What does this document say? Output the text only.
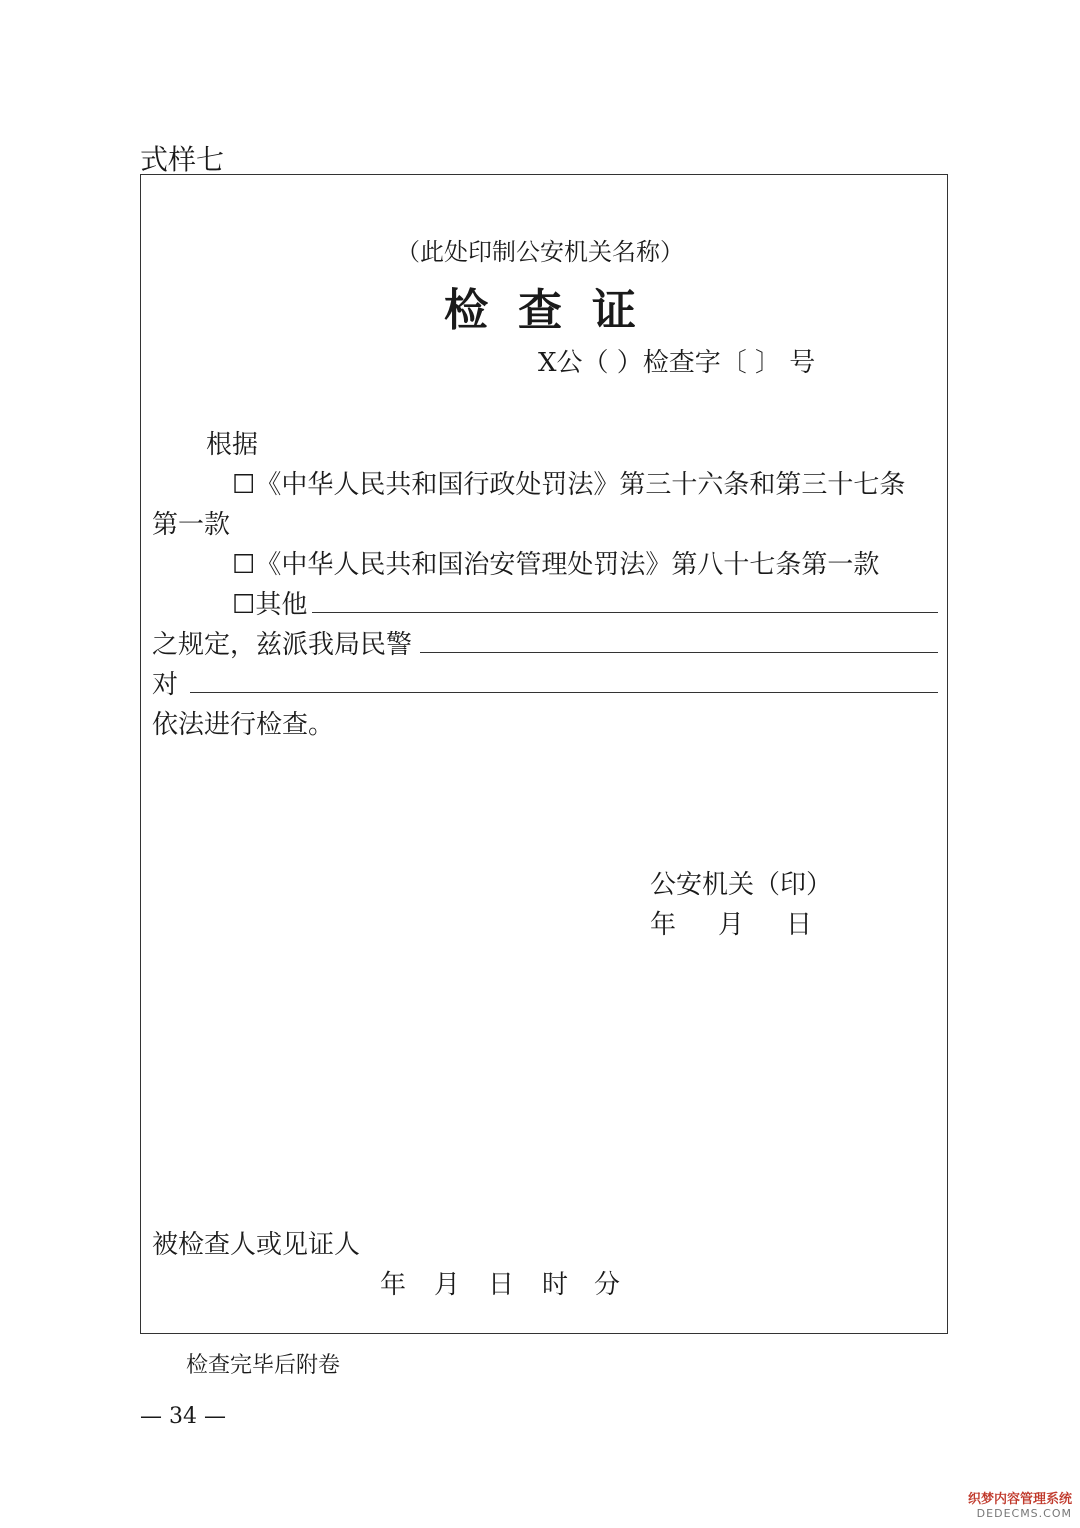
式样七
（此处印制公安机关名称）
检查证
X公（ ）检查字〔 〕 号
根据
☐《中华人民共和国行政处罚法》第三十六条和第三十七条
第一款
☐《中华人民共和国治安管理处罚法》第八十七条第一款
☐其他
之规定，兹派我局民警
对
依法进行检查。
公安机关（印）
年 月 日
被检查人或见证人
年 月 日 时 分
检查完毕后附卷
— 34 —
织梦内容管理系统
DEDECMS.COM
